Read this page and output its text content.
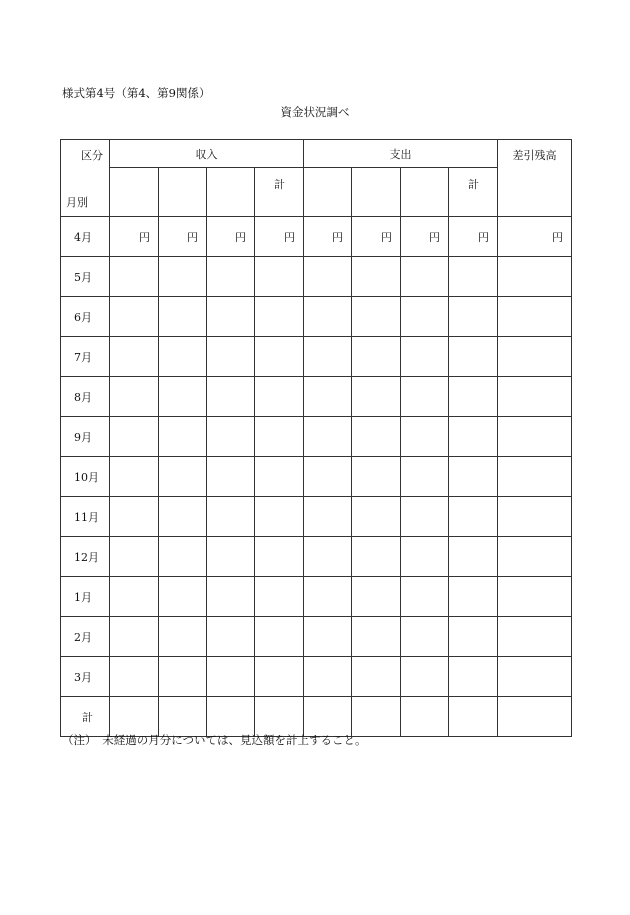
様式第4号（第4、第9関係）
資金状況調べ
区分
月別	収入				支出				差引残高
				計				計	
4月	円	円	円	円	円	円	円	円	円
5月									
6月									
7月									
8月									
9月									
10月									
11月									
12月									
1月									
2月									
3月									
計									
（注）　未経過の月分については、見込額を計上すること。
